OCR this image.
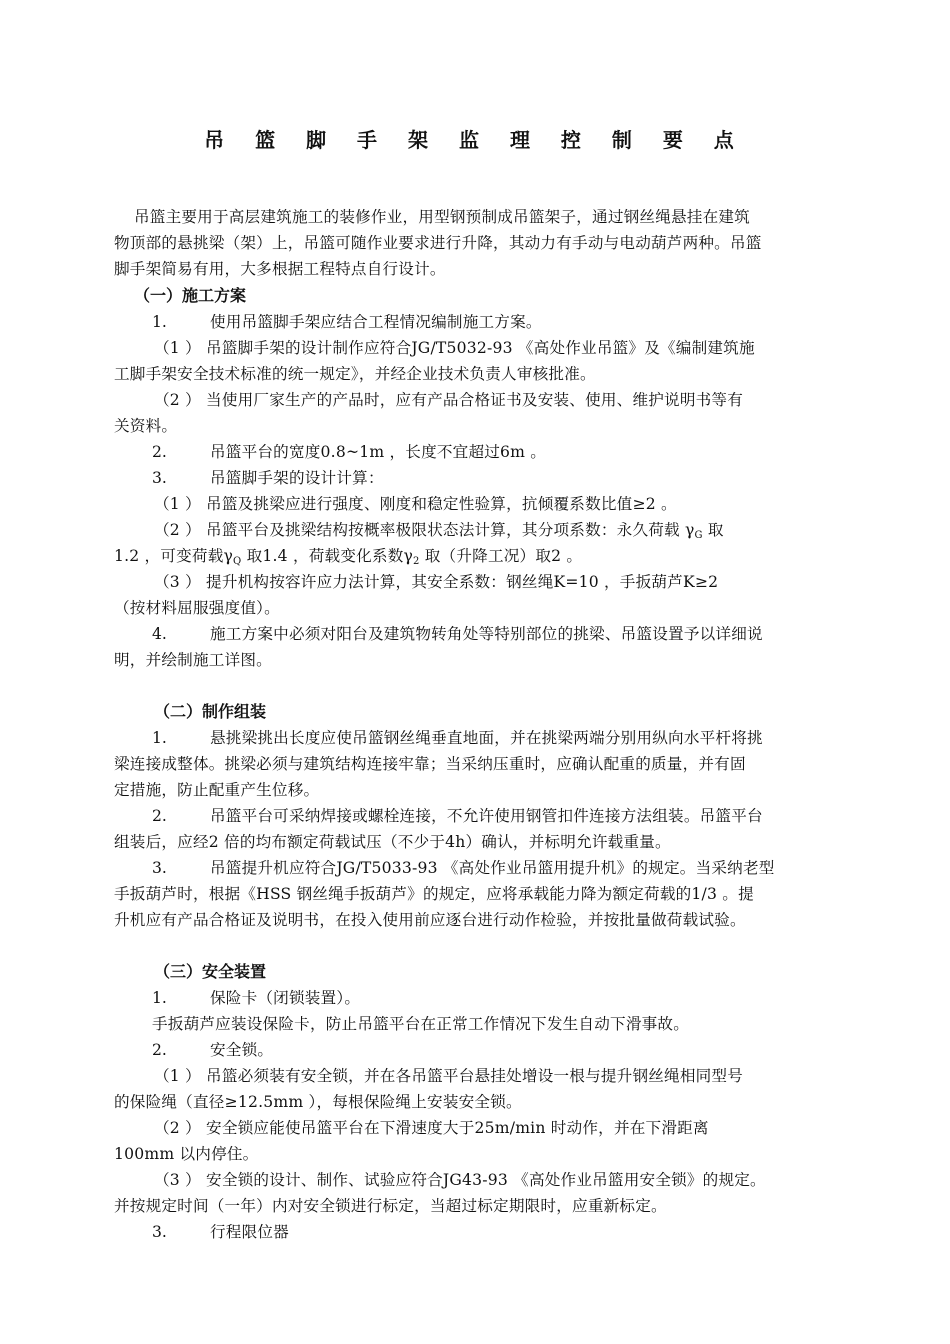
吊 篮 脚 手 架 监 理 控 制 要 点
吊篮主要用于高层建筑施工的装修作业，用型钢预制成吊篮架子，通过钢丝绳悬挂在建筑
物顶部的悬挑梁（架）上，吊篮可随作业要求进行升降，其动力有手动与电动葫芦两种。吊篮
脚手架简易有用，大多根据工程特点自行设计。
（一）施工方案
1.	使用吊篮脚手架应结合工程情况编制施工方案。
（1 ） 吊篮脚手架的设计制作应符合JG/T5032-93 《高处作业吊篮》及《编制建筑施
工脚手架安全技术标准的统一规定》，并经企业技术负责人审核批准。
（2 ） 当使用厂家生产的产品时，应有产品合格证书及安装、使用、维护说明书等有
关资料。
2.	吊篮平台的宽度0.8~1m ，长度不宜超过6m 。
3.	吊篮脚手架的设计计算：
（1 ） 吊篮及挑梁应进行强度、刚度和稳定性验算，抗倾覆系数比值≥2 。
（2 ） 吊篮平台及挑梁结构按概率极限状态法计算，其分项系数：永久荷载 $\gamma_G$ 取
1.2 ，可变荷载$\gamma_Q$ 取1.4 ，荷载变化系数$\gamma_2$ 取（升降工况）取2 。
（3 ） 提升机构按容许应力法计算，其安全系数：钢丝绳K=10 ，手扳葫芦K≥2
（按材料屈服强度值）。
4.	施工方案中必须对阳台及建筑物转角处等特别部位的挑梁、吊篮设置予以详细说
明，并绘制施工详图。
（二）制作组装
1.	悬挑梁挑出长度应使吊篮钢丝绳垂直地面，并在挑梁两端分别用纵向水平杆将挑
梁连接成整体。挑梁必须与建筑结构连接牢靠；当采纳压重时，应确认配重的质量，并有固
定措施，防止配重产生位移。
2.	吊篮平台可采纳焊接或螺栓连接，不允许使用钢管扣件连接方法组装。吊篮平台
组装后，应经2 倍的均布额定荷载试压（不少于4h）确认，并标明允许载重量。
3.	吊篮提升机应符合JG/T5033-93 《高处作业吊篮用提升机》的规定。当采纳老型
手扳葫芦时，根据《HSS 钢丝绳手扳葫芦》的规定，应将承载能力降为额定荷载的1/3 。提
升机应有产品合格证及说明书，在投入使用前应逐台进行动作检验，并按批量做荷载试验。
（三）安全装置
1.	保险卡（闭锁装置）。
手扳葫芦应装设保险卡，防止吊篮平台在正常工作情况下发生自动下滑事故。
2.	安全锁。
（1 ） 吊篮必须装有安全锁，并在各吊篮平台悬挂处增设一根与提升钢丝绳相同型号
的保险绳（直径≥12.5mm ），每根保险绳上安装安全锁。
（2 ） 安全锁应能使吊篮平台在下滑速度大于25m/min 时动作，并在下滑距离
100mm 以内停住。
（3 ） 安全锁的设计、制作、试验应符合JG43-93 《高处作业吊篮用安全锁》的规定。
并按规定时间（一年）内对安全锁进行标定，当超过标定期限时，应重新标定。
3.	行程限位器
